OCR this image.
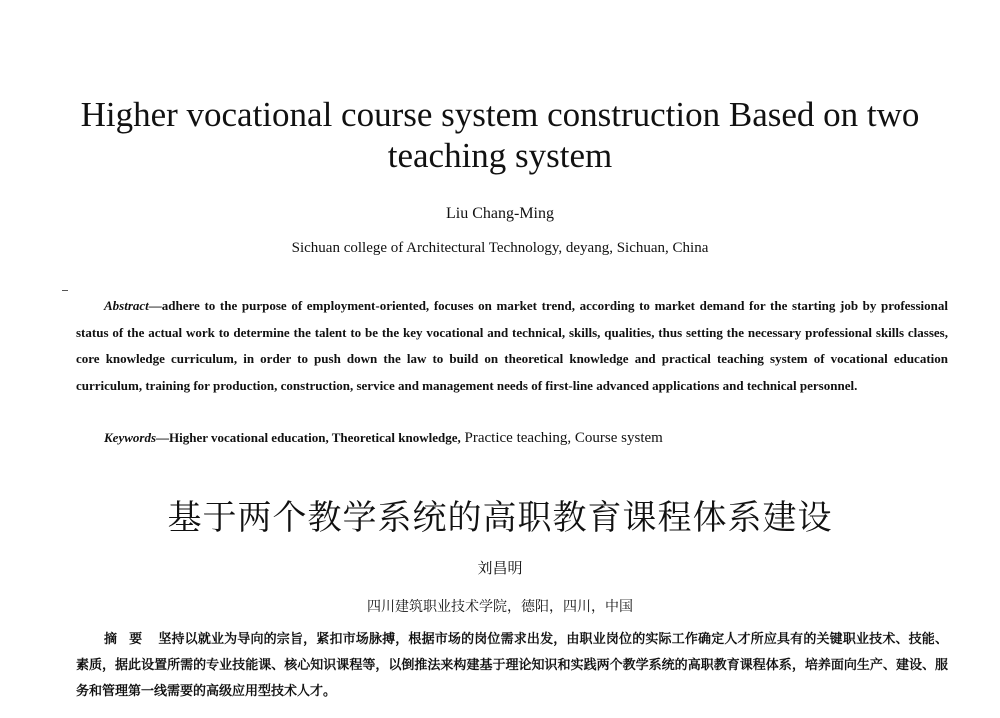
Higher vocational course system construction Based on two teaching system
Liu Chang-Ming
Sichuan college of Architectural Technology, deyang, Sichuan, China

Abstract—adhere to the purpose of employment-oriented, focuses on market trend, according to market demand for the starting job by professional status of the actual work to determine the talent to be the key vocational and technical, skills, qualities, thus setting the necessary professional skills classes, core knowledge curriculum, in order to push down the law to build on theoretical knowledge and practical teaching system of vocational education curriculum, training for production, construction, service and management needs of first-line advanced applications and technical personnel.

Keywords—Higher vocational education, Theoretical knowledge, Practice teaching, Course system

基于两个教学系统的高职教育课程体系建设
刘昌明
四川建筑职业技术学院，德阳，四川，中国

摘要 坚持以就业为导向的宗旨，紧扣市场脉搏，根据市场的岗位需求出发，由职业岗位的实际工作确定人才所应具有的关键职业技术、技能、素质，据此设置所需的专业技能课、核心知识课程等，以倒推法来构建基于理论知识和实践两个教学系统的高职教育课程体系，培养面向生产、建设、服务和管理第一线需要的高级应用型技术人才。
